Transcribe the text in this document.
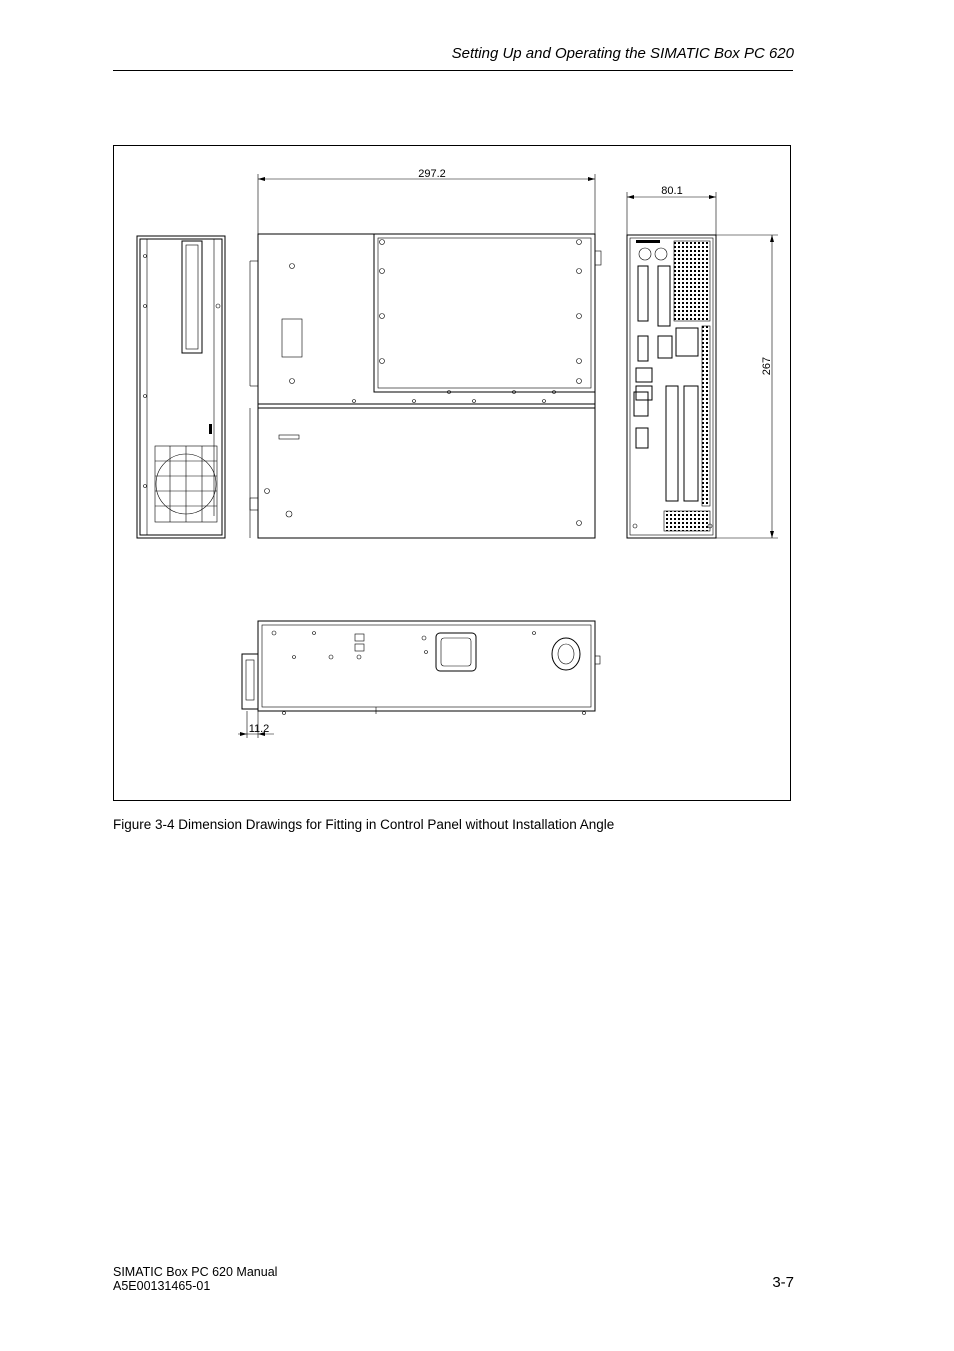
Setting Up and Operating the SIMATIC Box PC 620
297.2
80.1
267
11.2
Figure 3-4 Dimension Drawings for Fitting in Control Panel without Installation Angle
SIMATIC Box PC 620 Manual
A5E00131465-01	3-7
